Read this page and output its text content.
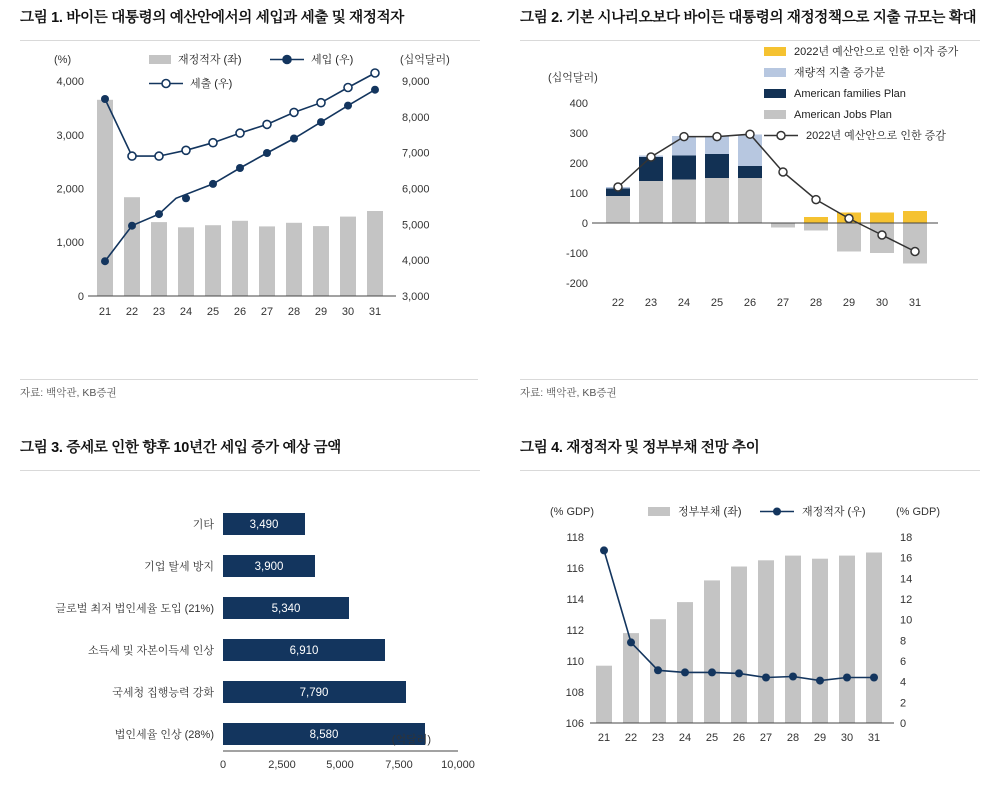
그림 1. 바이든 대통령의 예산안에서의 세입과 세출 및 재정적자
재정적자 (좌)	세입 (우)
세출 (우)
(%)	(십억달러)
4,000
3,000
2,000
1,000
0
9,000
8,000
7,000
6,000
5,000
4,000
3,000
21 22 23 24 25 26 27 28 29 30 31
자료: 백악관, KB증권
그림 2. 기본 시나리오보다 바이든 대통령의 재정정책으로 지출 규모는 확대
2022년 예산안으로 인한 이자 증가
재량적 지출 증가분
American families Plan
American Jobs Plan
2022년 예산안으로 인한 증감
(십억달러)
400
300
200
100
0
-100
-200
22 23 24 25 26 27 28 29 30 31
자료: 백악관, KB증권
그림 3. 증세로 인한 향후 10년간 세입 증가 예상 금액
3,490
3,900
5,340
6,910
7,790
8,580
기타
기업 탈세 방지
글로벌 최저 법인세율 도입 (21%)
소득세 및 자본이득세 인상
국세청 집행능력 강화
법인세율 인상 (28%)	(억달러)
0	2,500	5,000	7,500	10,000
그림 4. 재정적자 및 정부부채 전망 추이
(% GDP)	(% GDP)
정부부채 (좌)	재정적자 (우)
118
116
114
112
110
108
106
18
16
14
12
10
8
6
4
2
0
21 22 23 24 25 26 27 28 29 30 31
